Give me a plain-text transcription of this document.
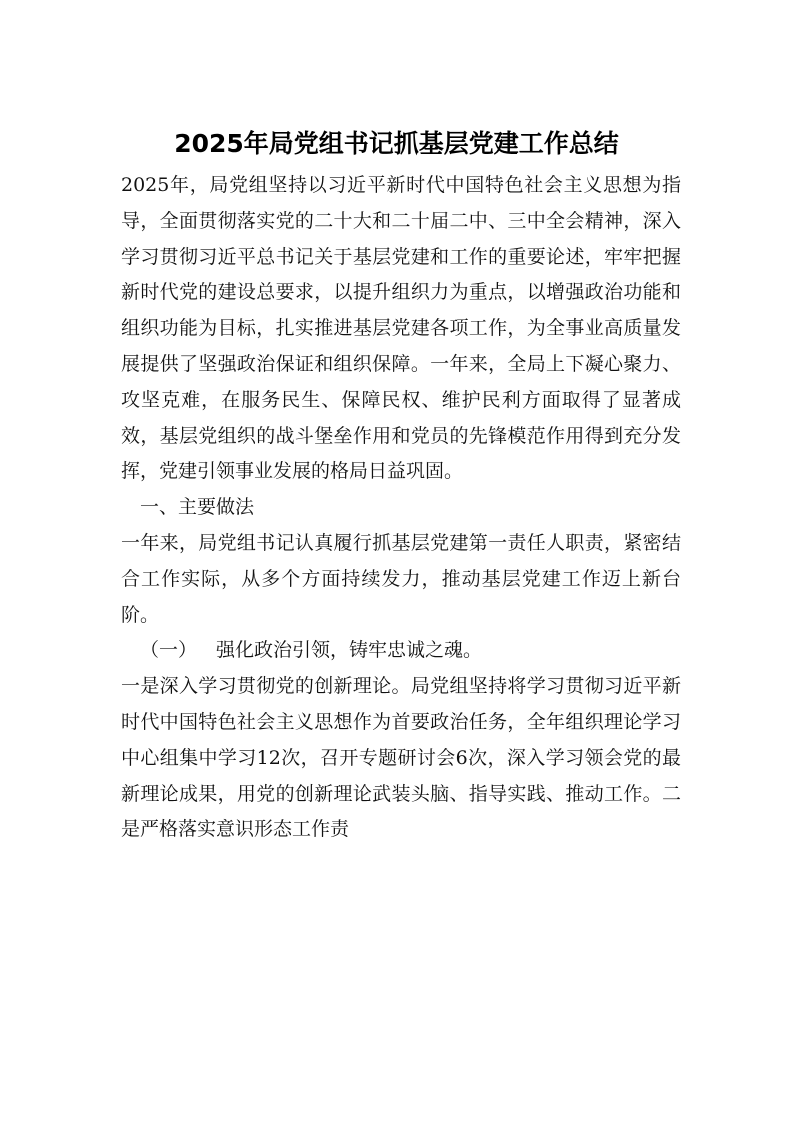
2025年局党组书记抓基层党建工作总结

2025年，局党组坚持以习近平新时代中国特色社会主义思想为指导，全面贯彻落实党的二十大和二十届二中、三中全会精神，深入学习贯彻习近平总书记关于基层党建和工作的重要论述，牢牢把握新时代党的建设总要求，以提升组织力为重点，以增强政治功能和组织功能为目标，扎实推进基层党建各项工作，为全事业高质量发展提供了坚强政治保证和组织保障。一年来，全局上下凝心聚力、攻坚克难，在服务民生、保障民权、维护民利方面取得了显著成效，基层党组织的战斗堡垒作用和党员的先锋模范作用得到充分发挥，党建引领事业发展的格局日益巩固。

一、主要做法

一年来，局党组书记认真履行抓基层党建第一责任人职责，紧密结合工作实际，从多个方面持续发力，推动基层党建工作迈上新台阶。

（一） 强化政治引领，铸牢忠诚之魂。

一是深入学习贯彻党的创新理论。局党组坚持将学习贯彻习近平新时代中国特色社会主义思想作为首要政治任务，全年组织理论学习中心组集中学习12次，召开专题研讨会6次，深入学习领会党的最新理论成果，用党的创新理论武装头脑、指导实践、推动工作。二是严格落实意识形态工作责
